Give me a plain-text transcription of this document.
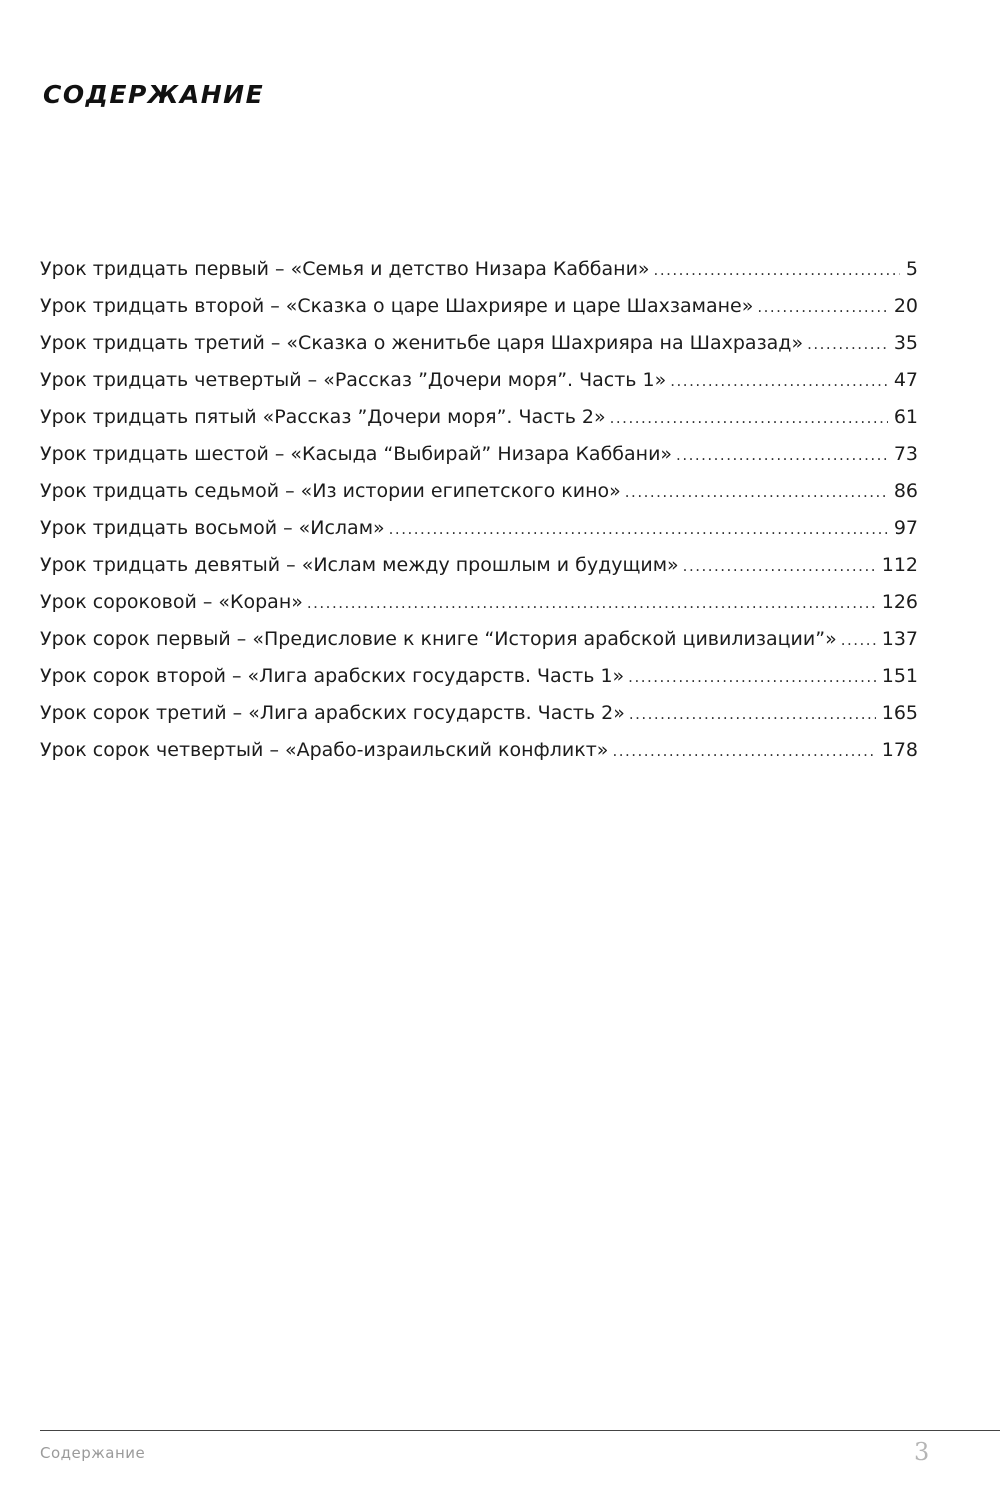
СОДЕРЖАНИЕ
Урок тридцать первый – «Семья и детство Низара Каббани» .....	5
Урок тридцать второй – «Сказка о царе Шахрияре и царе Шахзамане» .....	20
Урок тридцать третий – «Сказка о женитьбе царя Шахрияра на Шахразад» .....	35
Урок тридцать четвертый – «Рассказ ”Дочери моря”. Часть 1» .....	47
Урок тридцать пятый «Рассказ ”Дочери моря”. Часть 2» .....	61
Урок тридцать шестой – «Касыда “Выбирай” Низара Каббани» .....	73
Урок тридцать седьмой – «Из истории египетского кино» .....	86
Урок тридцать восьмой – «Ислам» .....	97
Урок тридцать девятый – «Ислам между прошлым и будущим» .....	112
Урок сороковой – «Коран» .....	126
Урок сорок первый – «Предисловие к книге “История арабской цивилизации”» ..... 137
Урок сорок второй – «Лига арабских государств. Часть 1» .....	151
Урок сорок третий – «Лига арабских государств. Часть 2» .....	165
Урок сорок четвертый – «Арабо-израильский конфликт» .....	178
Содержание	3
